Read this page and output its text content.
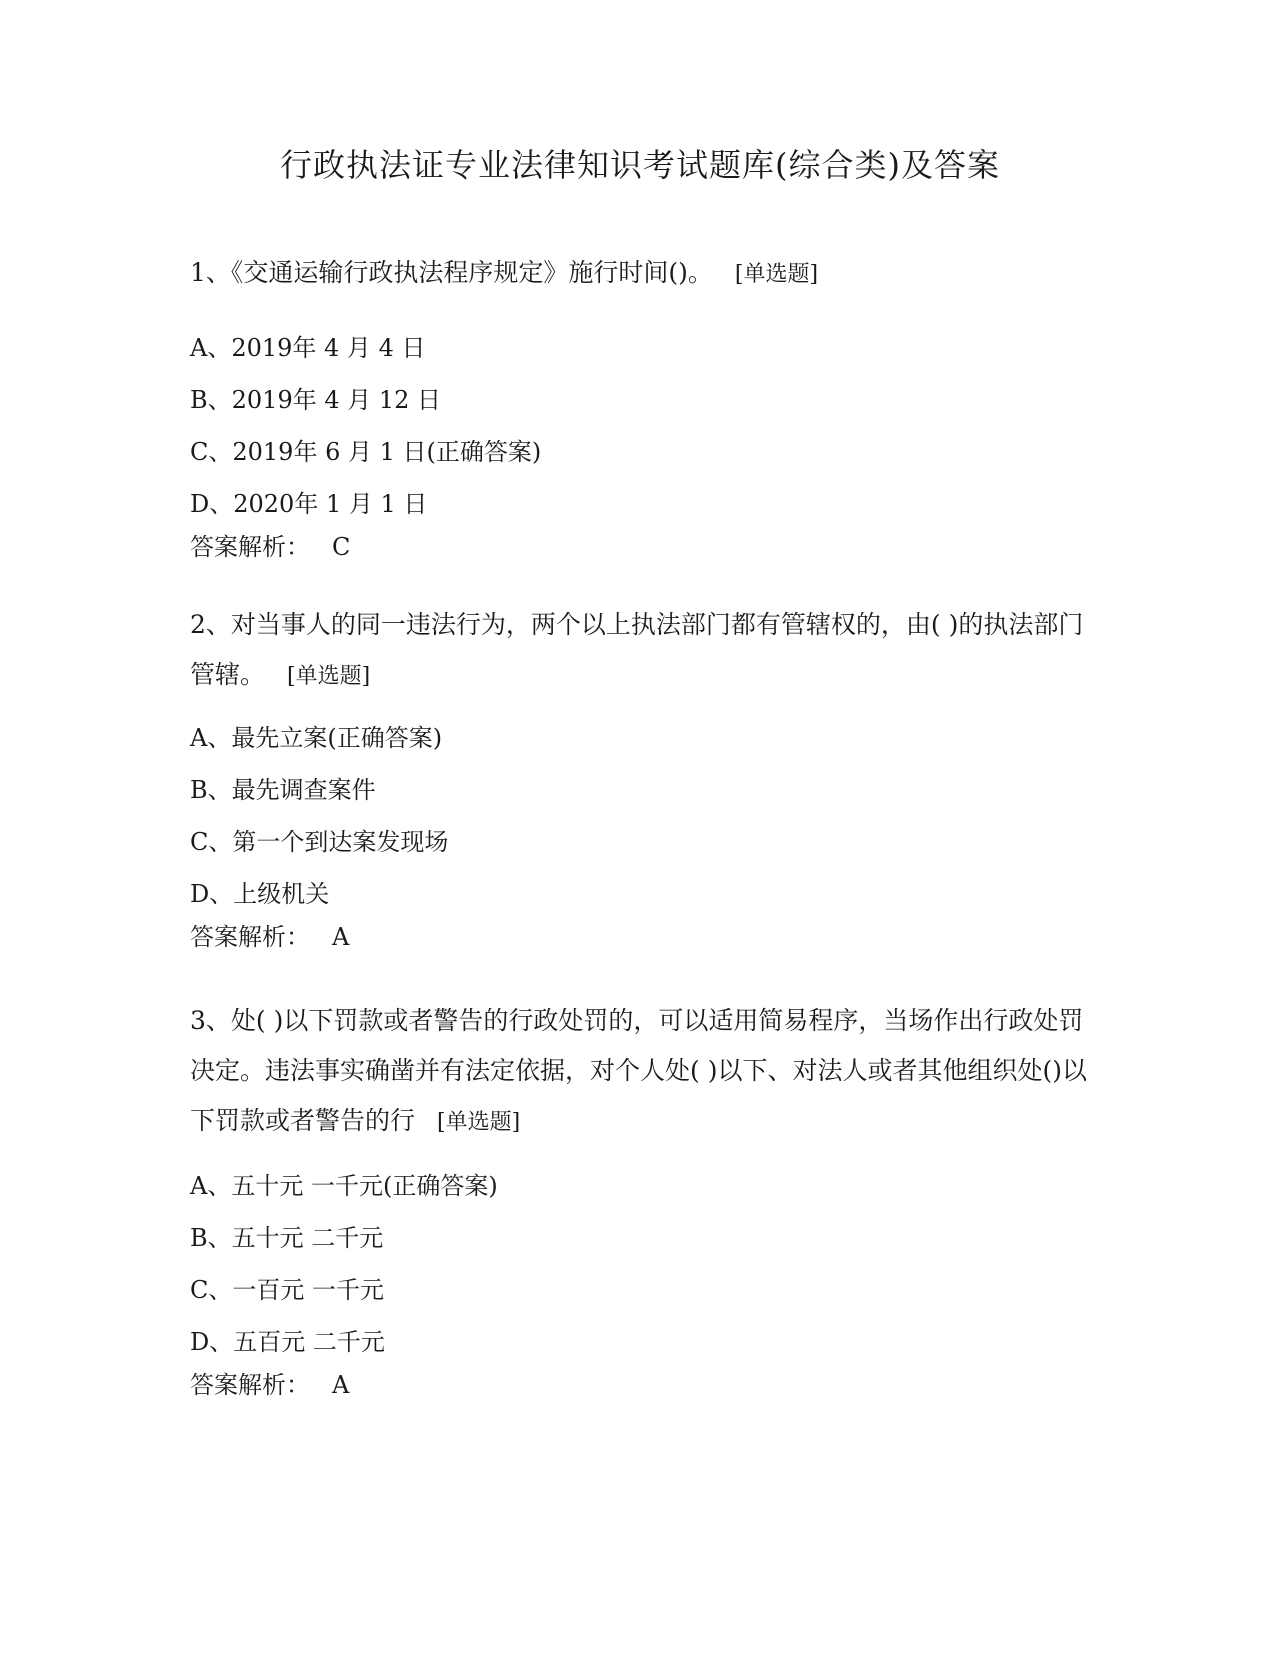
行政执法证专业法律知识考试题库(综合类)及答案

1、《交通运输行政执法程序规定》施行时间()。 [单选题]

A、2019年 4 月 4 日
B、2019年 4 月 12 日
C、2019年 6 月 1 日(正确答案)
D、2020年 1 月 1 日

答案解析： C

2、对当事人的同一违法行为，两个以上执法部门都有管辖权的，由( )的执法部门管辖。 [单选题]

A、最先立案(正确答案)
B、最先调查案件
C、第一个到达案发现场
D、上级机关

答案解析： A

3、处( )以下罚款或者警告的行政处罚的，可以适用简易程序，当场作出行政处罚决定。违法事实确凿并有法定依据，对个人处( )以下、对法人或者其他组织处()以下罚款或者警告的行 [单选题]

A、五十元 一千元(正确答案)
B、五十元 二千元
C、一百元 一千元
D、五百元 二千元

答案解析： A
